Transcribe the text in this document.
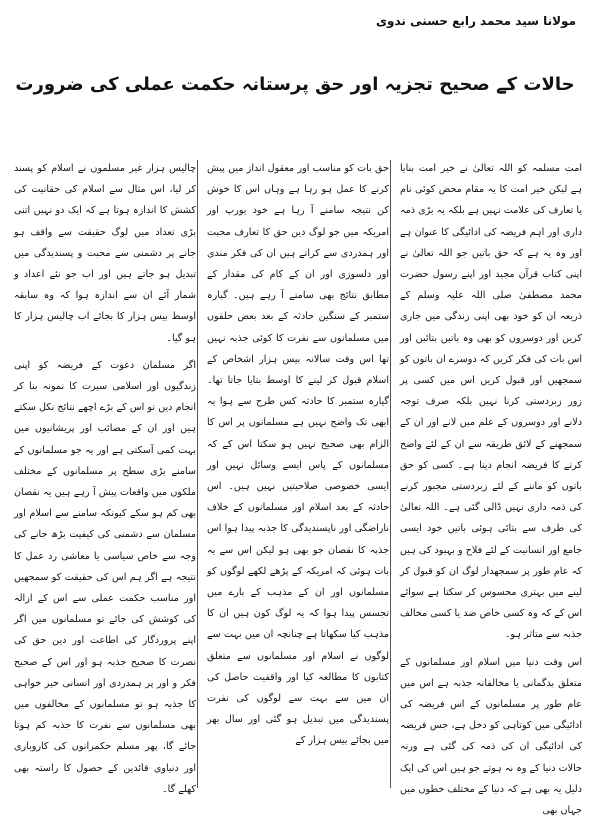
مولانا سید محمد رابع حسنی ندوی
حالات کے صحیح تجزیہ اور حق پرستانہ حکمت عملی کی ضرورت

امت مسلمہ کو اللہ تعالیٰ نے خیر امت بنایا ہے لیکن خیر امت کا یہ مقام محض کوئی نام یا تعارف کی علامت نہیں ہے بلکہ یہ بڑی ذمہ داری اور اہم فریضہ کی ادائیگی کا عنوان ہے اور وہ یہ ہے کہ حق باتیں جو اللہ تعالیٰ نے اپنی کتاب قرآن مجید اور اپنے رسول حضرت محمد مصطفیٰ صلی اللہ علیہ وسلم کے ذریعہ ان کو خود بھی اپنی زندگی میں جاری کریں اور دوسروں کو بھی وہ باتیں بتائیں اور اس بات کی فکر کریں کہ دوسرے ان باتوں کو سمجھیں اور قبول کریں اس میں کسی پر زور زبردستی کرنا نہیں بلکہ صرف توجہ دلانے اور دوسروں کے علم میں لانے اور ان کے سمجھنے کے لائق طریقہ سے ان کے لئے واضح کرنے کا فریضہ انجام دینا ہے۔ کسی کو حق باتوں کو ماننے کے لئے زبردستی مجبور کرنے کی ذمہ داری نہیں ڈالی گئی ہے۔ اللہ تعالیٰ کی طرف سے بتائی ہوئی باتیں خود ایسی جامع اور انسانیت کے لئے فلاح و بہبود کی ہیں کہ عام طور پر سمجھدار لوگ ان کو قبول کر لینے میں بہتری محسوس کر سکتا ہے سوائے اس کے کہ وہ کسی خاص ضد یا کسی مخالف جذبہ سے متاثر ہو۔

اس وقت دنیا میں اسلام اور مسلمانوں کے متعلق بدگمانی یا مخالفانہ جذبہ ہے اس میں عام طور پر مسلمانوں کے اس فریضہ کی ادائیگی میں کوتاہی کو دخل ہے، جس فریضہ کی ادائیگی ان کی ذمہ کی گئی ہے ورنہ حالات دنیا کے وہ نہ ہوتے جو ہیں اس کی ایک دلیل یہ بھی ہے کہ دنیا کے مختلف خطوں میں جہاں بھی

حق بات کو مناسب اور معقول انداز میں پیش کرنے کا عمل ہو رہا ہے وہاں اس کا خوش کن نتیجہ سامنے آ رہا ہے خود یورپ اور امریکہ میں جو لوگ دین حق کا تعارف محبت اور ہمدردی سے کراتے ہیں ان کی فکر مندی اور دلسوزی اور ان کے کام کی مقدار کے مطابق نتائج بھی سامنے آ رہے ہیں۔ گیارہ ستمبر کے سنگین حادثہ کے بعد بعض حلقوں میں مسلمانوں سے نفرت کا کوئی جذبہ نہیں تھا اس وقت سالانہ بیس ہزار اشخاص کے اسلام قبول کر لینے کا اوسط بتایا جاتا تھا۔ گیارہ ستمبر کا حادثہ کس طرح سے ہوا یہ ابھی تک واضح نہیں ہے مسلمانوں پر اس کا الزام بھی صحیح نہیں ہو سکتا اس کے کہ مسلمانوں کے پاس ایسے وسائل نہیں اور ایسی خصوصی صلاحیتیں نہیں ہیں۔ اس حادثہ کے بعد اسلام اور مسلمانوں کے خلاف ناراضگی اور ناپسندیدگی کا جذبہ پیدا ہوا اس جذبہ کا نقصان جو بھی ہو لیکن اس سے یہ بات ہوئی کہ امریکہ کے پڑھے لکھے لوگوں کو مسلمانوں اور ان کے مذہب کے بارے میں تجسس پیدا ہوا کہ یہ لوگ کون ہیں ان کا مذہب کیا سکھاتا ہے چنانچہ ان میں بہت سے لوگوں نے اسلام اور مسلمانوں سے متعلق کتابوں کا مطالعہ کیا اور واقفیت حاصل کی ان میں سے بہت سے لوگوں کی نفرت پسندیدگی میں تبدیل ہو گئی اور سال بھر میں بجائے بیس ہزار کے

چالیس ہزار غیر مسلموں نے اسلام کو پسند کر لیا، اس مثال سے اسلام کی حقانیت کی کشش کا اندازہ ہوتا ہے کہ ایک دو نہیں اتنی بڑی تعداد میں لوگ حقیقت سے واقف ہو جانے پر دشمنی سے محبت و پسندیدگی میں تبدیل ہو جاتے ہیں اور اب جو نئے اعداد و شمار آئے ان سے اندازہ ہوا کہ وہ سابقہ اوسط بیس ہزار کا بجائے اب چالیس ہزار کا ہو گیا۔

اگر مسلمان دعوت کے فریضہ کو اپنی زندگیوں اور اسلامی سیرت کا نمونہ بنا کر انجام دیں تو اس کے بڑے اچھے نتائج نکل سکتے ہیں اور ان کے مصائب اور پریشانیوں میں بہت کمی آسکتی ہے اور یہ جو مسلمانوں کے سامنے بڑی سطح پر مسلمانوں کے مختلف ملکوں میں واقعات پیش آ رہے ہیں یہ نقصان بھی کم ہو سکے کیونکہ سامنے سے اسلام اور مسلمان سے دشمنی کی کیفیت بڑھ جانے کی وجہ سے خاص سیاسی یا معاشی رد عمل کا نتیجہ ہے اگر ہم اس کی حقیقت کو سمجھیں اور مناسب حکمت عملی سے اس کے ازالہ کی کوشش کی جائے تو مسلمانوں میں اگر اپنے پروردگار کی اطاعت اور دین حق کی نصرت کا صحیح جذبہ ہو اور اس کے صحیح فکر و اور پر ہمدردی اور انسانی خیر خواہی کا جذبہ ہو تو مسلمانوں کے مخالفوں میں بھی مسلمانوں سے نفرت کا جذبہ کم ہوتا جائے گا، پھر مسلم حکمرانوں کی کاروباری اور دنیاوی قائدین کے حصول کا راستہ بھی کھلے گا۔
